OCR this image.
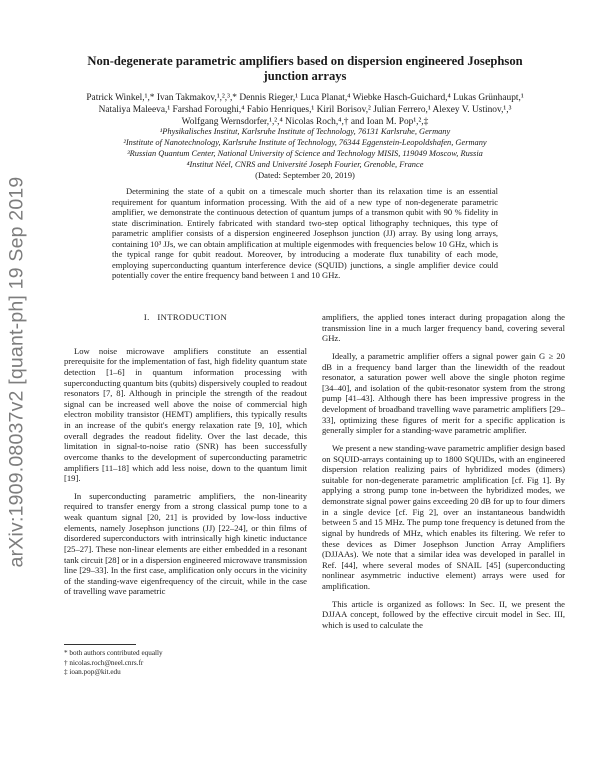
arXiv:1909.08037v2 [quant-ph] 19 Sep 2019
Non-degenerate parametric amplifiers based on dispersion engineered Josephson junction arrays
Patrick Winkel,¹,* Ivan Takmakov,¹,²,³,* Dennis Rieger,¹ Luca Planat,⁴ Wiebke Hasch-Guichard,⁴ Lukas Grünhaupt,¹ Nataliya Maleeva,¹ Farshad Foroughi,⁴ Fabio Henriques,¹ Kiril Borisov,² Julian Ferrero,¹ Alexey V. Ustinov,¹,³ Wolfgang Wernsdorfer,¹,²,⁴ Nicolas Roch,⁴,† and Ioan M. Pop¹,²,‡

¹Physikalisches Institut, Karlsruhe Institute of Technology, 76131 Karlsruhe, Germany

²Institute of Nanotechnology, Karlsruhe Institute of Technology, 76344 Eggenstein-Leopoldshafen, Germany

³Russian Quantum Center, National University of Science and Technology MISIS, 119049 Moscow, Russia

⁴Institut Néel, CNRS and Université Joseph Fourier, Grenoble, France

(Dated: September 20, 2019)

Determining the state of a qubit on a timescale much shorter than its relaxation time is an essential requirement for quantum information processing. With the aid of a new type of non-degenerate parametric amplifier, we demonstrate the continuous detection of quantum jumps of a transmon qubit with 90 % fidelity in state discrimination. Entirely fabricated with standard two-step optical lithography techniques, this type of parametric amplifier consists of a dispersion engineered Josephson junction (JJ) array. By using long arrays, containing 10³ JJs, we can obtain amplification at multiple eigenmodes with frequencies below 10 GHz, which is the typical range for qubit readout. Moreover, by introducing a moderate flux tunability of each mode, employing superconducting quantum interference device (SQUID) junctions, a single amplifier device could potentially cover the entire frequency band between 1 and 10 GHz.

I. INTRODUCTION

Low noise microwave amplifiers constitute an essential prerequisite for the implementation of fast, high fidelity quantum state detection [1–6] in quantum information processing with superconducting quantum bits (qubits) dispersively coupled to readout resonators [7, 8]. Although in principle the strength of the readout signal can be increased well above the noise of commercial high electron mobility transistor (HEMT) amplifiers, this typically results in an increase of the qubit's energy relaxation rate [9, 10], which overall degrades the readout fidelity. Over the last decade, this limitation in signal-to-noise ratio (SNR) has been successfully overcome thanks to the development of superconducting parametric amplifiers [11–18] which add less noise, down to the quantum limit [19].

In superconducting parametric amplifiers, the non-linearity required to transfer energy from a strong classical pump tone to a weak quantum signal [20, 21] is provided by low-loss inductive elements, namely Josephson junctions (JJ) [22–24], or thin films of disordered superconductors with intrinsically high kinetic inductance [25–27]. These non-linear elements are either embedded in a resonant tank circuit [28] or in a dispersion engineered microwave transmission line [29–33]. In the first case, amplification only occurs in the vicinity of the standing-wave eigenfrequency of the circuit, while in the case of travelling wave parametric

amplifiers, the applied tones interact during propagation along the transmission line in a much larger frequency band, covering several GHz.

Ideally, a parametric amplifier offers a signal power gain G ≥ 20 dB in a frequency band larger than the linewidth of the readout resonator, a saturation power well above the single photon regime [34–40], and isolation of the qubit-resonator system from the strong pump [41–43]. Although there has been impressive progress in the development of broadband travelling wave parametric amplifiers [29–33], optimizing these figures of merit for a specific application is generally simpler for a standing-wave parametric amplifier.

We present a new standing-wave parametric amplifier design based on SQUID-arrays containing up to 1800 SQUIDs, with an engineered dispersion relation realizing pairs of hybridized modes (dimers) suitable for non-degenerate parametric amplification [cf. Fig 1]. By applying a strong pump tone in-between the hybridized modes, we demonstrate signal power gains exceeding 20 dB for up to four dimers in a single device [cf. Fig 2], over an instantaneous bandwidth between 5 and 15 MHz. The pump tone frequency is detuned from the signal by hundreds of MHz, which enables its filtering. We refer to these devices as Dimer Josephson Junction Array Amplifiers (DJJAAs). We note that a similar idea was developed in parallel in Ref. [44], where several modes of SNAIL [45] (superconducting nonlinear asymmetric inductive element) arrays were used for amplification.

This article is organized as follows: In Sec. II, we present the DJJAA concept, followed by the effective circuit model in Sec. III, which is used to calculate the

* both authors contributed equally

† nicolas.roch@neel.cnrs.fr

‡ ioan.pop@kit.edu
